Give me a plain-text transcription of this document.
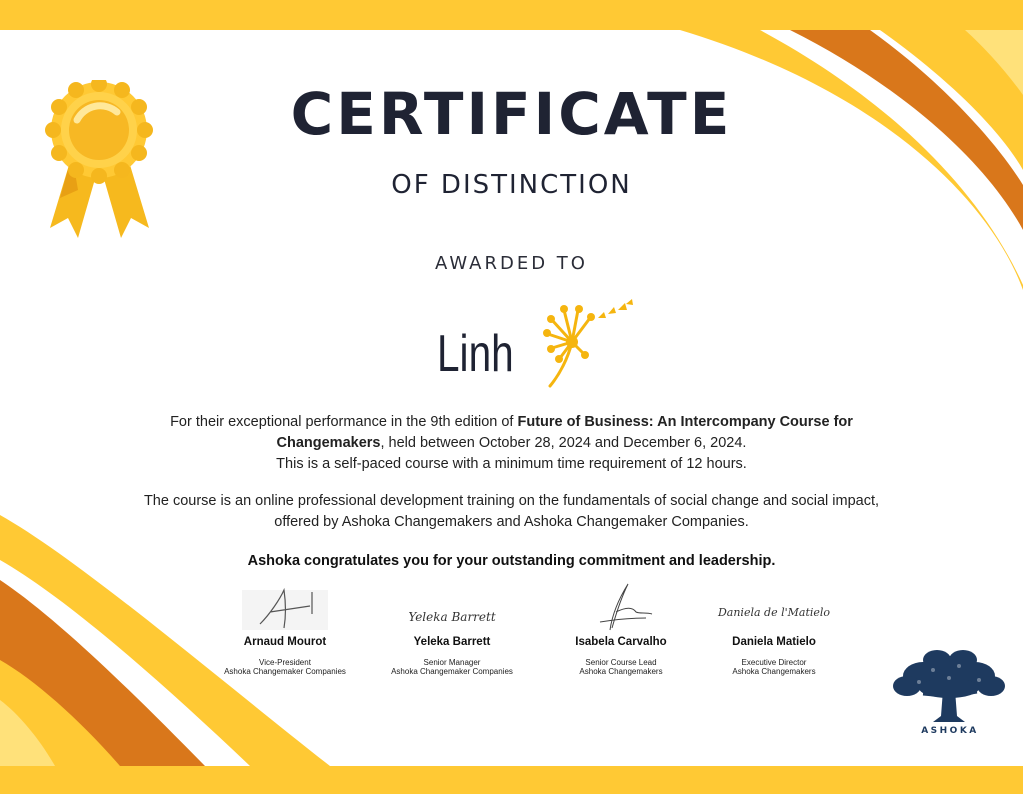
CERTIFICATE
OF DISTINCTION
AWARDED TO
Linh
For their exceptional performance in the 9th edition of Future of Business: An Intercompany Course for Changemakers, held between October 28, 2024 and December 6, 2024.
This is a self-paced course with a minimum time requirement of 12 hours.
The course is an online professional development training on the fundamentals of social change and social impact, offered by Ashoka Changemakers and Ashoka Changemaker Companies.
Ashoka congratulates you for your outstanding commitment and leadership.
Arnaud Mourot
Vice-President
Ashoka Changemaker Companies
Yeleka Barrett
Yeleka Barrett
Senior Manager
Ashoka Changemaker Companies
Isabela Carvalho
Senior Course Lead
Ashoka Changemakers
Daniela de l'Matielo
Daniela Matielo
Executive Director
Ashoka Changemakers
ASHOKA
